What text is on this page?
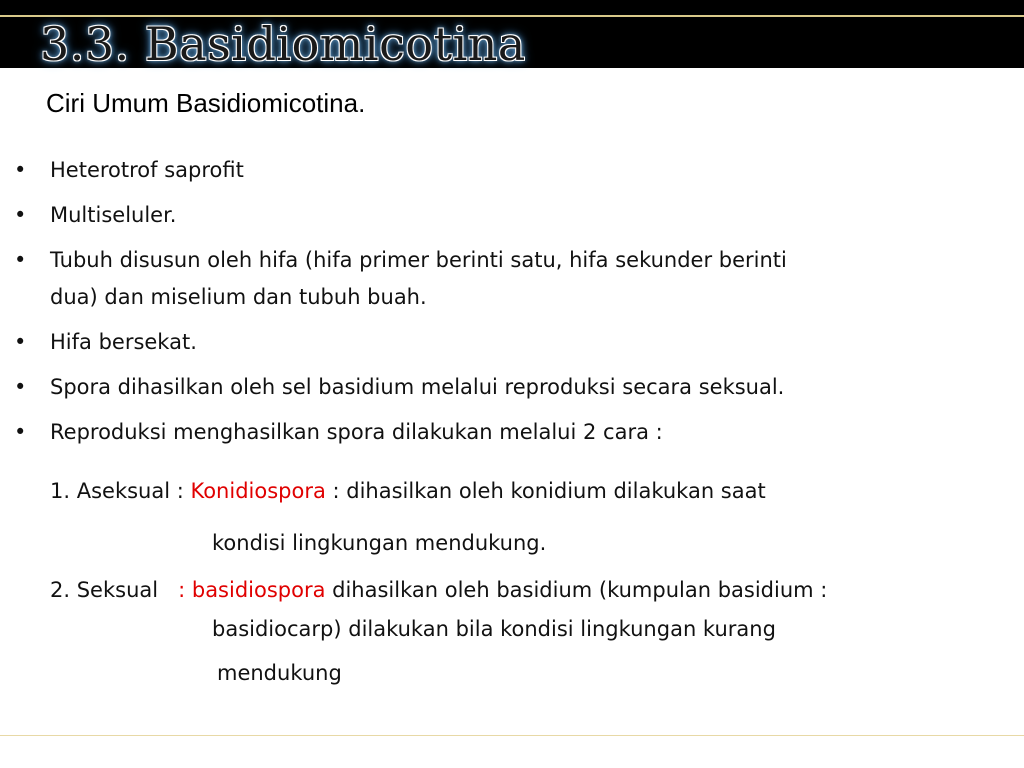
3.3. Basidiomicotina
Ciri Umum Basidiomicotina.
• Heterotrof saprofit
• Multiseluler.
• Tubuh disusun oleh hifa (hifa primer berinti satu, hifa sekunder berinti
dua) dan miselium dan tubuh buah.
• Hifa bersekat.
• Spora dihasilkan oleh sel basidium melalui reproduksi secara seksual.
• Reproduksi menghasilkan spora dilakukan melalui 2 cara :

1. Aseksual : Konidiospora : dihasilkan oleh konidium dilakukan saat

kondisi lingkungan mendukung.

2. Seksual   : basidiospora dihasilkan oleh basidium (kumpulan basidium :

basidiocarp) dilakukan bila kondisi lingkungan kurang

mendukung
